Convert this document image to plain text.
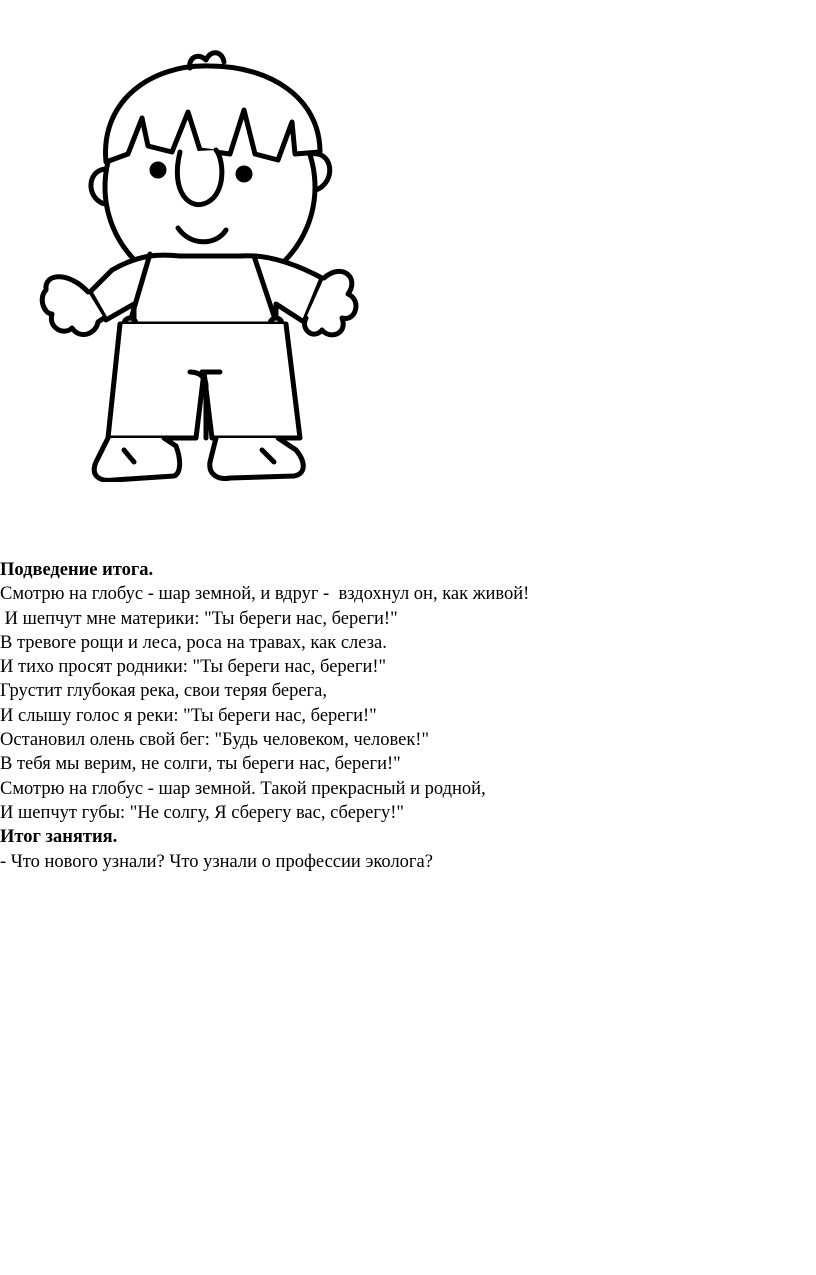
Подведение итога.
Смотрю на глобус - шар земной, и вдруг -  вздохнул он, как живой!
И шепчут мне материки: "Ты береги нас, береги!"
В тревоге рощи и леса, роса на травах, как слеза.
И тихо просят родники: "Ты береги нас, береги!"
Грустит глубокая река, свои теряя берега,
И слышу голос я реки: "Ты береги нас, береги!"
Остановил олень свой бег: "Будь человеком, человек!"
В тебя мы верим, не солги, ты береги нас, береги!"
Смотрю на глобус - шар земной. Такой прекрасный и родной,
И шепчут губы: "Не солгу, Я сберегу вас, сберегу!"
Итог занятия.
- Что нового узнали? Что узнали о профессии эколога?
